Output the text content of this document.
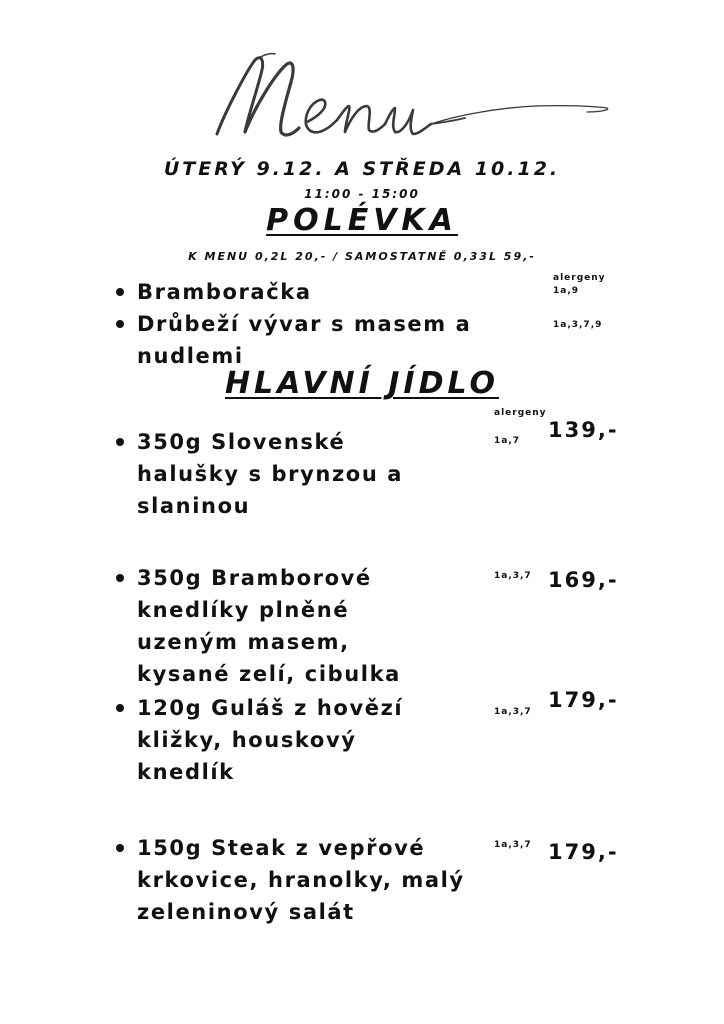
ÚTERÝ 9.12. A STŘEDA 10.12.
11:00 - 15:00
POLÉVKA
K MENU 0,2L 20,- / SAMOSTATNĚ 0,33L 59,-
alergeny
Bramboračka	1a,9
Drůbeží vývar s masem a nudlemi
1a,3,7,9
HLAVNÍ JÍDLO
alergeny
350g Slovenské halušky s brynzou a slaninou
1a,7 139,-
350g Bramborové knedlíky plněné uzeným masem, kysané zelí, cibulka
1a,3,7 169,-
120g Guláš z hovězí kližky, houskový knedlík
1a,3,7 179,-
150g Steak z vepřové krkovice, hranolky, malý zeleninový salát
1a,3,7 179,-
